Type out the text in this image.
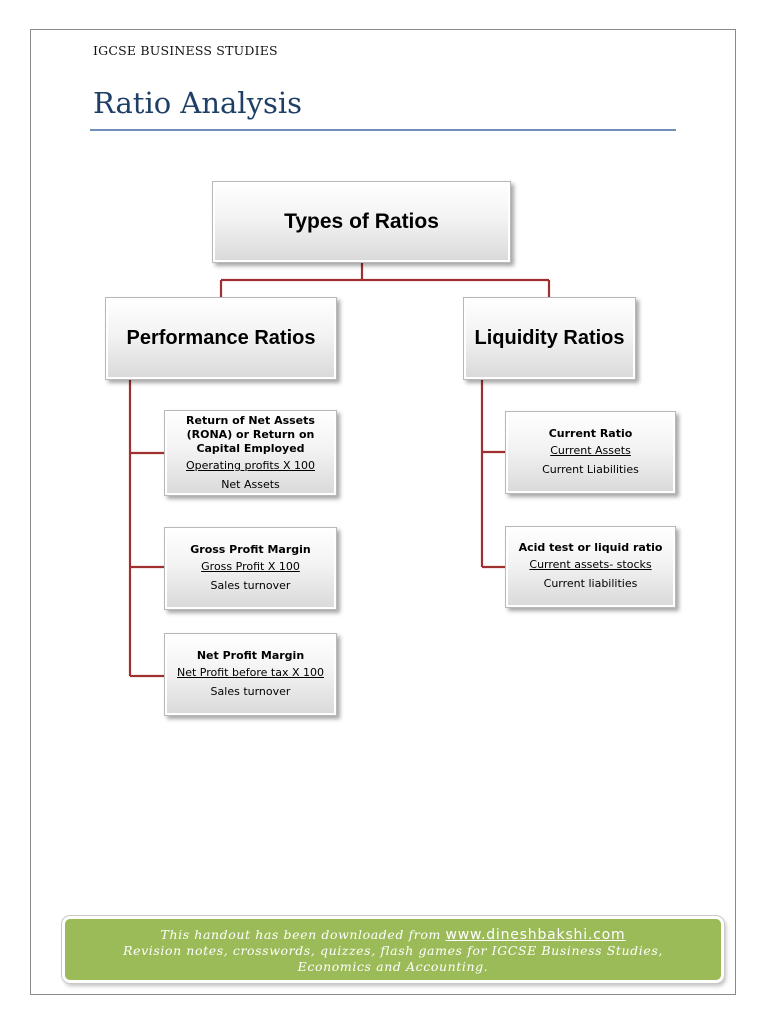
IGCSE BUSINESS STUDIES
Ratio Analysis
Types of Ratios
Performance Ratios	Liquidity Ratios
Return of Net Assets (RONA) or Return on Capital Employed
Operating profits X 100
Net Assets
Gross Profit Margin
Gross Profit X 100
Sales turnover
Net Profit Margin
Net Profit before tax X 100
Sales turnover
Current Ratio
Current Assets
Current Liabilities
Acid test or liquid ratio
Current assets- stocks
Current liabilities
This handout has been downloaded from www.dineshbakshi.com
Revision notes, crosswords, quizzes, flash games for IGCSE Business Studies,
Economics and Accounting.
